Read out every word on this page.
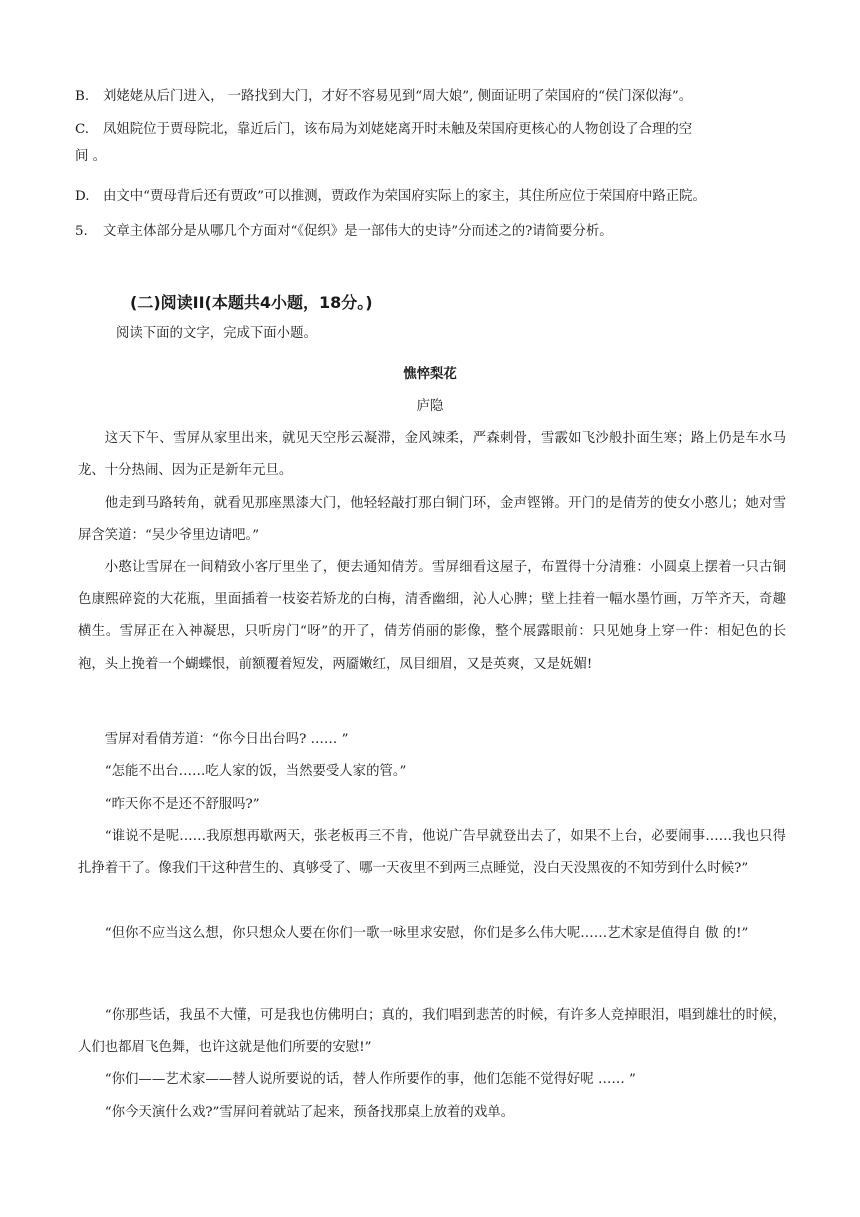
B. 刘姥姥从后门进入， 一路找到大门，才好不容易见到“周大娘”, 侧面证明了荣国府的“侯门深似海”。
C. 凤姐院位于贾母院北，靠近后门，该布局为刘姥姥离开时未触及荣国府更核心的人物创设了合理的空
间 。
D. 由文中“贾母背后还有贾政”可以推测，贾政作为荣国府实际上的家主，其住所应位于荣国府中路正院。
5. 文章主体部分是从哪几个方面对“《促织》是一部伟大的史诗”分而述之的?请简要分析。
(二)阅读II(本题共4小题，18分。)
阅读下面的文字，完成下面小题。
憔悴梨花
庐隐
这天下午、雪屏从家里出来，就见天空彤云凝滞，金风竦柔，严森刺骨，雪霰如飞沙般扑面生寒；路上仍是车水马龙、十分热闹、因为正是新年元旦。
他走到马路转角，就看见那座黑漆大门，他轻轻敲打那白铜门环，金声铿锵。开门的是倩芳的使女小憨儿；她对雪屏含笑道：“吴少爷里边请吧。”
小憨让雪屏在一间精致小客厅里坐了，便去通知倩芳。雪屏细看这屋子，布置得十分清雅：小圆桌上摆着一只古铜色康熙碎瓷的大花瓶，里面插着一枝姿若矫龙的白梅，清香幽细，沁人心脾；壁上挂着一幅水墨竹画，万竿齐天，奇趣横生。雪屏正在入神凝思，只听房门“呀”的开了，倩芳俏丽的影像，整个展露眼前：只见她身上穿一件：相妃色的长袍，头上挽着一个蝴蝶恨，前额覆着短发，两靥嫩红，凤目细眉，又是英爽，又是妩媚!
雪屏对看倩芳道：“你今日出台吗? …… ”
“怎能不出台……吃人家的饭，当然要受人家的管。”
“昨天你不是还不舒服吗?”
“谁说不是呢……我原想再歇两天，张老板再三不肯，他说广告早就登出去了，如果不上台，必要闹事……我也只得扎挣着干了。像我们干这种营生的、真够受了、哪一天夜里不到两三点睡觉，没白天没黑夜的不知劳到什么时候?”
“但你不应当这么想，你只想众人要在你们一歌一咏里求安慰，你们是多么伟大呢……艺术家是值得自 傲 的!”
“你那些话，我虽不大懂，可是我也仿佛明白；真的，我们唱到悲苦的时候，有许多人竞掉眼泪，唱到雄壮的时候，人们也都眉飞色舞，也许这就是他们所要的安慰!”
“你们——艺术家——替人说所要说的话，替人作所要作的事，他们怎能不觉得好呢 …… ”
“你今天演什么戏?”雪屏问着就站了起来，预备找那桌上放着的戏单。
